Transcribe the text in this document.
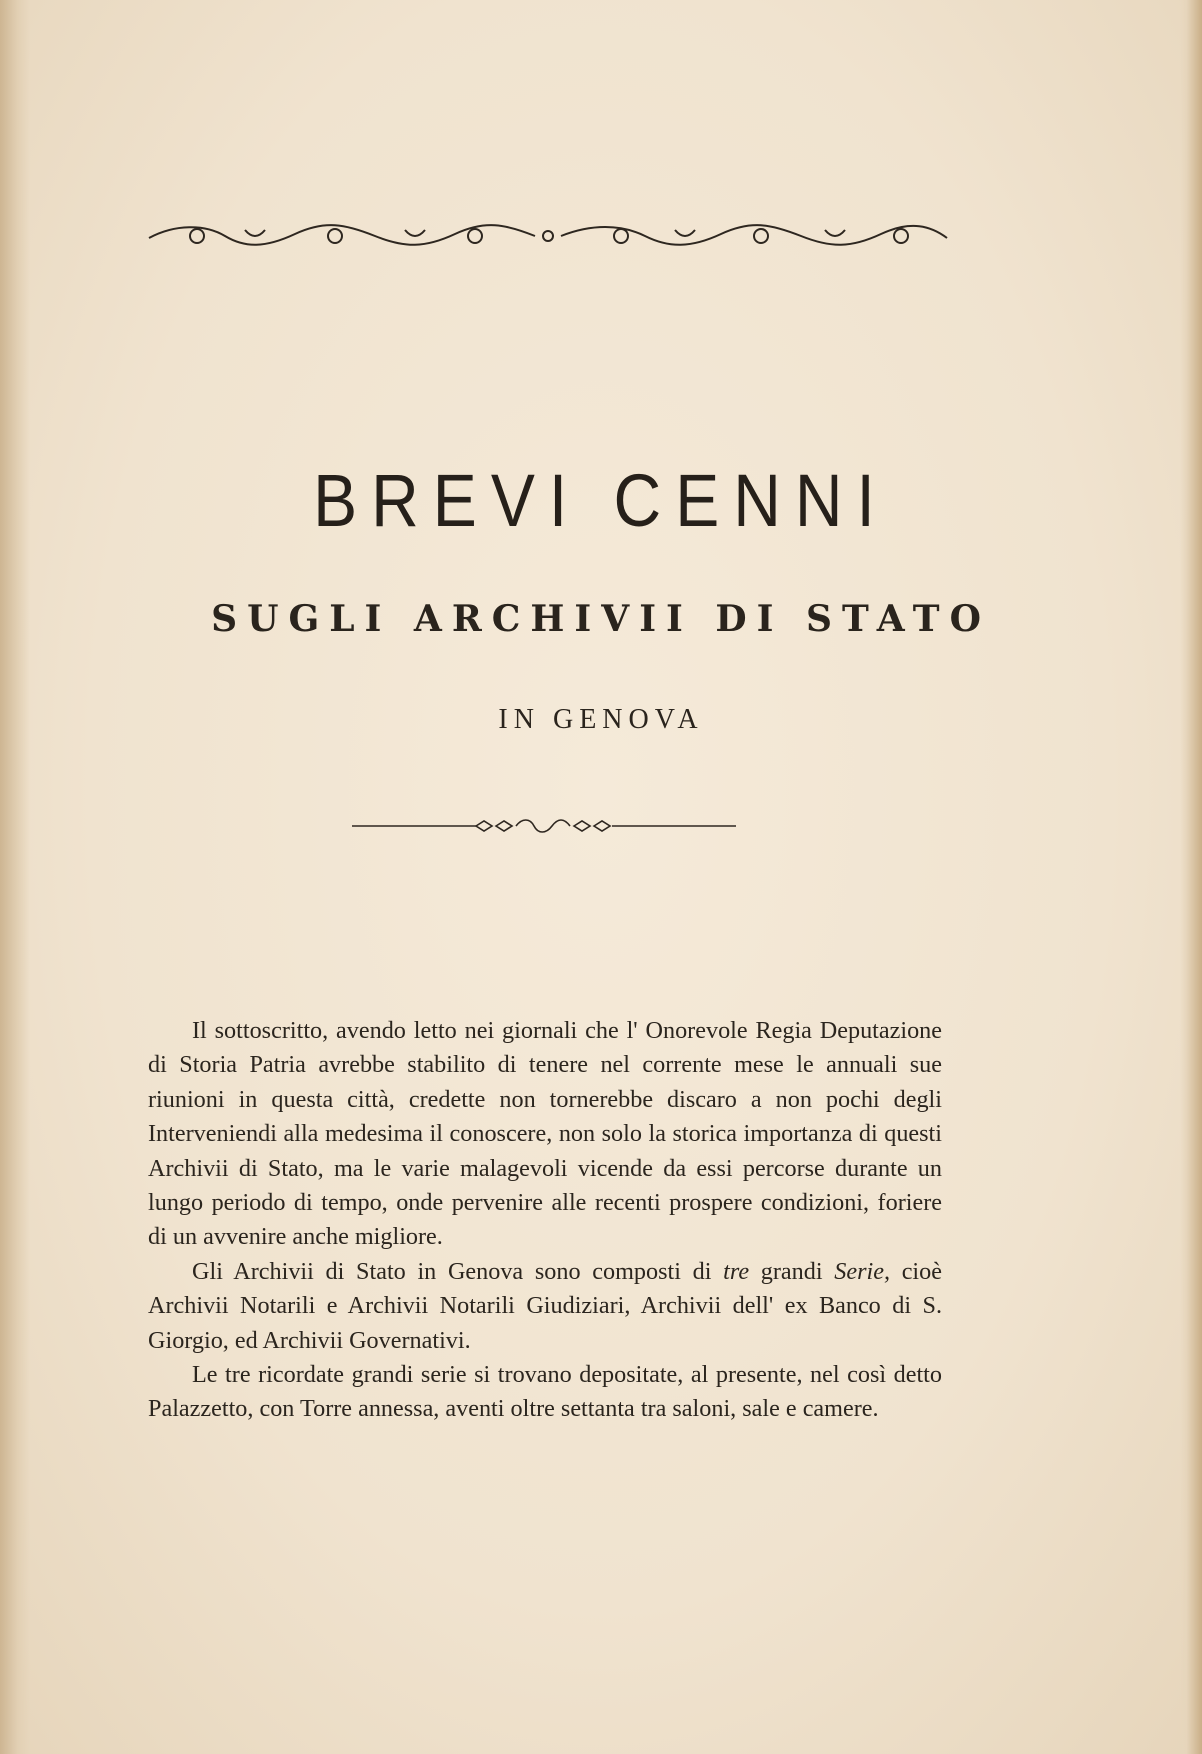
BREVI CENNI
SUGLI ARCHIVII DI STATO
IN GENOVA

Il sottoscritto, avendo letto nei giornali che l' Onorevole Regia Deputazione di Storia Patria avrebbe stabilito di tenere nel corrente mese le annuali sue riunioni in questa città, credette non tornerebbe discaro a non pochi degli Interveniendi alla medesima il conoscere, non solo la storica importanza di questi Archivii di Stato, ma le varie malagevoli vicende da essi percorse durante un lungo periodo di tempo, onde pervenire alle recenti prospere condizioni, foriere di un avvenire anche migliore.

Gli Archivii di Stato in Genova sono composti di tre grandi Serie, cioè Archivii Notarili e Archivii Notarili Giudiziari, Archivii dell' ex Banco di S. Giorgio, ed Archivii Governativi.

Le tre ricordate grandi serie si trovano depositate, al presente, nel così detto Palazzetto, con Torre annessa, aventi oltre settanta tra saloni, sale e camere.
